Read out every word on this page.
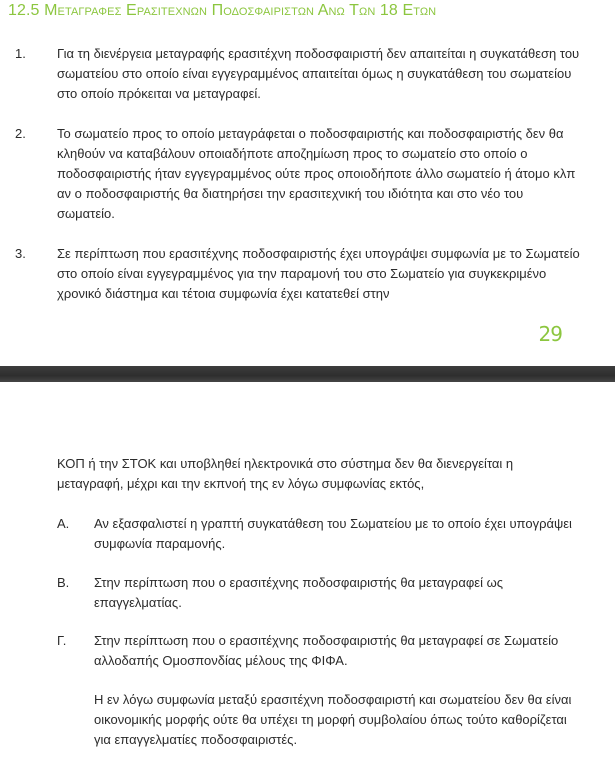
12.5 Μεταγραφες Ερασιτεχνων Ποδοσφαιριστων Ανω Των 18 Ετων
1. Για τη διενέργεια μεταγραφής ερασιτέχνη ποδοσφαιριστή δεν απαιτείται η συγκατάθεση του σωματείου στο οποίο είναι εγγεγραμμένος απαιτείται όμως η συγκατάθεση του σωματείου στο οποίο πρόκειται να μεταγραφεί.

2. Το σωματείο προς το οποίο μεταγράφεται ο ποδοσφαιριστής και ποδοσφαιριστής δεν θα κληθούν να καταβάλουν οποιαδήποτε αποζημίωση προς το σωματείο στο οποίο ο ποδοσφαιριστής ήταν εγγεγραμμένος ούτε προς οποιοδήποτε άλλο σωματείο ή άτομο κλπ αν ο ποδοσφαιριστής θα διατηρήσει την ερασιτεχνική του ιδιότητα και στο νέο του σωματείο.

3. Σε περίπτωση που ερασιτέχνης ποδοσφαιριστής έχει υπογράψει συμφωνία με το Σωματείο στο οποίο είναι εγγεγραμμένος για την παραμονή του στο Σωματείο για συγκεκριμένο χρονικό διάστημα και τέτοια συμφωνία έχει κατατεθεί στην

29

ΚΟΠ ή την ΣΤΟΚ και υποβληθεί ηλεκτρονικά στο σύστημα δεν θα διενεργείται η μεταγραφή, μέχρι και την εκπνοή της εν λόγω συμφωνίας εκτός,

Α. Αν εξασφαλιστεί η γραπτή συγκατάθεση του Σωματείου με το οποίο έχει υπογράψει συμφωνία παραμονής.

Β. Στην περίπτωση που ο ερασιτέχνης ποδοσφαιριστής θα μεταγραφεί ως επαγγελματίας.

Γ. Στην περίπτωση που ο ερασιτέχνης ποδοσφαιριστής θα μεταγραφεί σε Σωματείο αλλοδαπής Ομοσπονδίας μέλους της ΦΙΦΑ.

Η εν λόγω συμφωνία μεταξύ ερασιτέχνη ποδοσφαιριστή και σωματείου δεν θα είναι οικονομικής μορφής ούτε θα υπέχει τη μορφή συμβολαίου όπως τούτο καθορίζεται για επαγγελματίες ποδοσφαιριστές.
